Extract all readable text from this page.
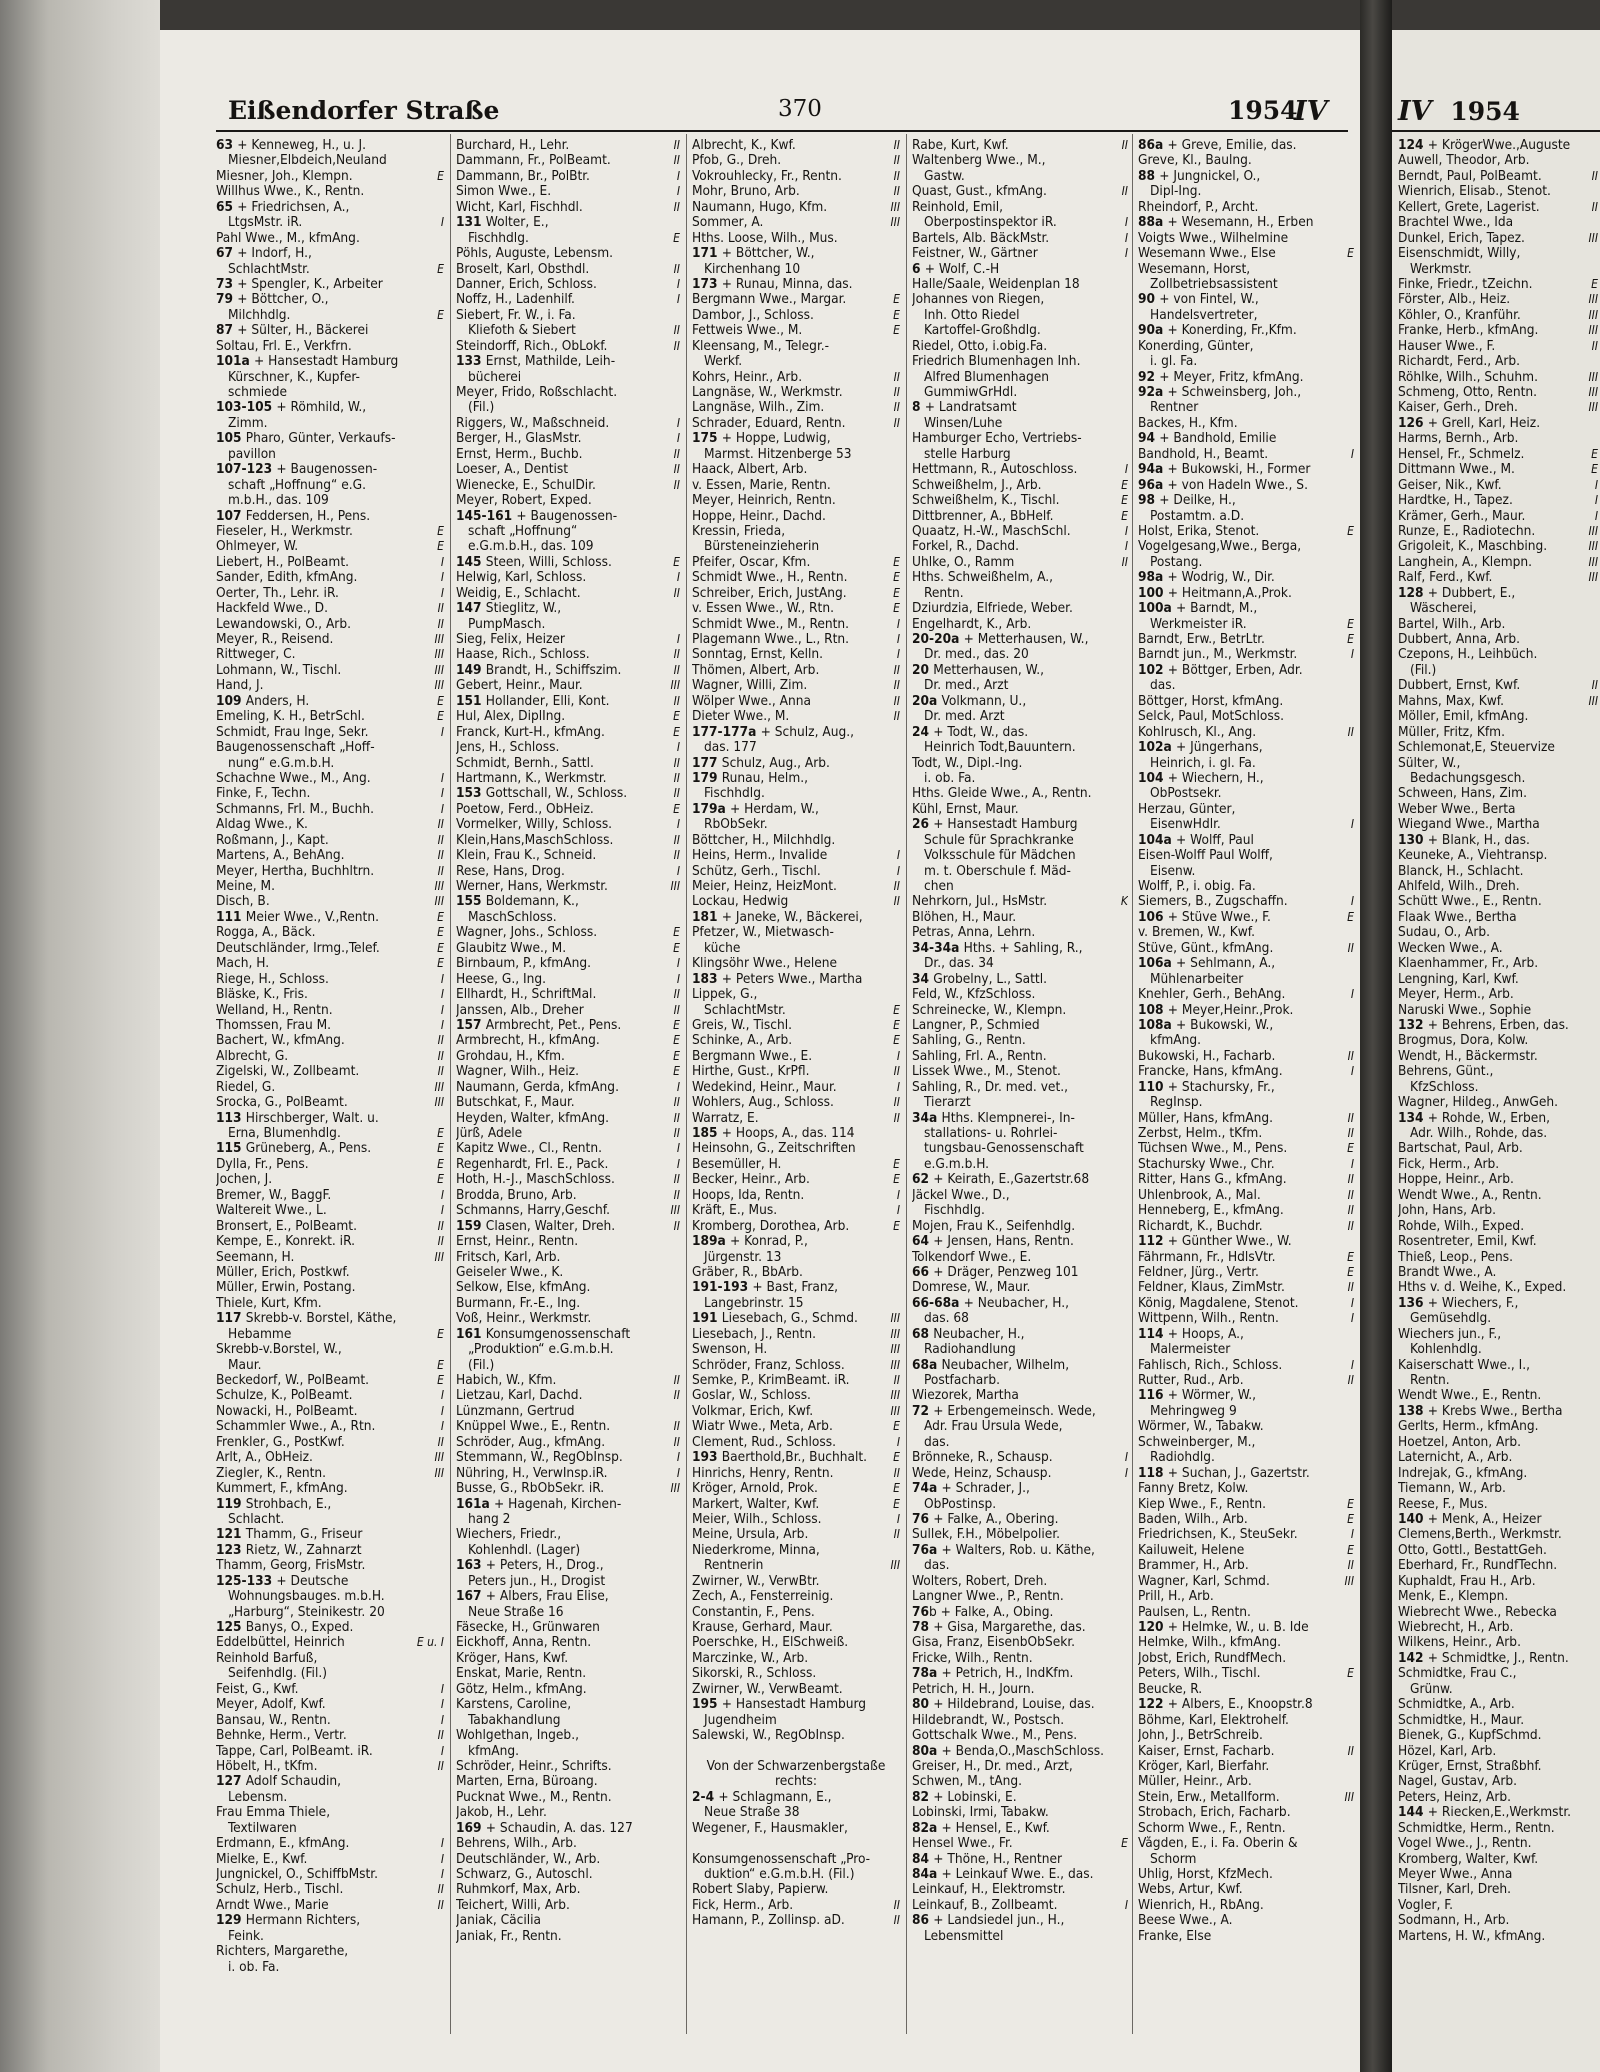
Eißendorfer Straße	370	1954
IV
63 + Kenneweg, H., u. J.
Miesner,Elbdeich,Neuland
Miesner, Joh., Klempn.	E
Willhus Wwe., K., Rentn.
65 + Friedrichsen, A.,
LtgsMstr. iR.	I
Pahl Wwe., M., kfmAng.
67 + Indorf, H.,
SchlachtMstr.	E
73 + Spengler, K., Arbeiter
79 + Böttcher, O.,
Milchhdlg.	E
87 + Sülter, H., Bäckerei
Soltau, Frl. E., Verkfrn.
101a + Hansestadt Hamburg
Kürschner, K., Kupfer-
schmiede
103-105 + Römhild, W.,
Zimm.
105 Pharo, Günter, Verkaufs-
pavillon
107-123 + Baugenossen-
schaft „Hoffnung“ e.G.
m.b.H., das. 109
107 Feddersen, H., Pens.
Fieseler, H., Werkmstr.	E
Ohlmeyer, W.	E
Liebert, H., PolBeamt.	I
Sander, Edith, kfmAng.	I
Oerter, Th., Lehr. iR.	I
Hackfeld Wwe., D.	II
Lewandowski, O., Arb.	II
Meyer, R., Reisend.	III
Rittweger, C.	III
Lohmann, W., Tischl.	III
Hand, J.	III
109 Anders, H.	E
Emeling, K. H., BetrSchl.	E
Schmidt, Frau Inge, Sekr.	I
Baugenossenschaft „Hoff-
nung“ e.G.m.b.H.
Schachne Wwe., M., Ang.	I
Finke, F., Techn.	I
Schmanns, Frl. M., Buchh.	I
Aldag Wwe., K.	II
Roßmann, J., Kapt.	II
Martens, A., BehAng.	II
Meyer, Hertha, Buchhltrn.	II
Meine, M.	III
Disch, B.	III
111 Meier Wwe., V.,Rentn.	E
Rogga, A., Bäck.	E
Deutschländer, Irmg.,Telef.	E
Mach, H.	E
Riege, H., Schloss.	I
Bläske, K., Fris.	I
Welland, H., Rentn.	I
Thomssen, Frau M.	I
Bachert, W., kfmAng.	II
Albrecht, G.	II
Zigelski, W., Zollbeamt.	II
Riedel, G.	III
Srocka, G., PolBeamt.	III
113 Hirschberger, Walt. u.
Erna, Blumenhdlg.	E
115 Grüneberg, A., Pens.	E
Dylla, Fr., Pens.	E
Jochen, J.	E
Bremer, W., BaggF.	I
Waltereit Wwe., L.	I
Bronsert, E., PolBeamt.	II
Kempe, E., Konrekt. iR.	II
Seemann, H.	III
Müller, Erich, Postkwf.
Müller, Erwin, Postang.
Thiele, Kurt, Kfm.
117 Skrebb-v. Borstel, Käthe,
Hebamme	E
Skrebb-v.Borstel, W.,
Maur.	E
Beckedorf, W., PolBeamt.	E
Schulze, K., PolBeamt.	I
Nowacki, H., PolBeamt.	I
Schammler Wwe., A., Rtn.	I
Frenkler, G., PostKwf.	II
Arlt, A., ObHeiz.	III
Ziegler, K., Rentn.	III
Kummert, F., kfmAng.
119 Strohbach, E.,
Schlacht.
121 Thamm, G., Friseur
123 Rietz, W., Zahnarzt
Thamm, Georg, FrisMstr.
125-133 + Deutsche
Wohnungsbauges. m.b.H.
„Harburg“, Steinikestr. 20
125 Banys, O., Exped.
Eddelbüttel, Heinrich	E u. I
Reinhold Barfuß,
Seifenhdlg. (Fil.)
Feist, G., Kwf.	I
Meyer, Adolf, Kwf.	I
Bansau, W., Rentn.	I
Behnke, Herm., Vertr.	II
Tappe, Carl, PolBeamt. iR.	I
Höbelt, H., tKfm.	II
127 Adolf Schaudin,
Lebensm.
Frau Emma Thiele,
Textilwaren
Erdmann, E., kfmAng.	I
Mielke, E., Kwf.	I
Jungnickel, O., SchiffbMstr.	I
Schulz, Herb., Tischl.	II
Arndt Wwe., Marie	II
129 Hermann Richters,
Feink.
Richters, Margarethe,
i. ob. Fa.
Burchard, H., Lehr.	II
Dammann, Fr., PolBeamt.	II
Dammann, Br., PolBtr.	I
Simon Wwe., E.	I
Wicht, Karl, Fischhdl.	II
131 Wolter, E.,
Fischhdlg.	E
Pöhls, Auguste, Lebensm.
Broselt, Karl, Obsthdl.	II
Danner, Erich, Schloss.	I
Noffz, H., Ladenhilf.	I
Siebert, Fr. W., i. Fa.
Kliefoth & Siebert	II
Steindorff, Rich., ObLokf.	II
133 Ernst, Mathilde, Leih-
bücherei
Meyer, Frido, Roßschlacht.
(Fil.)
Riggers, W., Maßschneid.	I
Berger, H., GlasMstr.	I
Ernst, Herm., Buchb.	II
Loeser, A., Dentist	II
Wienecke, E., SchulDir.	II
Meyer, Robert, Exped.
145-161 + Baugenossen-
schaft „Hoffnung“
e.G.m.b.H., das. 109
145 Steen, Willi, Schloss.	E
Helwig, Karl, Schloss.	I
Weidig, E., Schlacht.	II
147 Stieglitz, W.,
PumpMasch.
Sieg, Felix, Heizer	I
Haase, Rich., Schloss.	II
149 Brandt, H., Schiffszim.	II
Gebert, Heinr., Maur.	III
151 Hollander, Elli, Kont.	II
Hul, Alex, DiplIng.	E
Franck, Kurt-H., kfmAng.	E
Jens, H., Schloss.	I
Schmidt, Bernh., Sattl.	II
Hartmann, K., Werkmstr.	II
153 Gottschall, W., Schloss.	II
Poetow, Ferd., ObHeiz.	E
Vormelker, Willy, Schloss.	I
Klein,Hans,MaschSchloss.	II
Klein, Frau K., Schneid.	II
Rese, Hans, Drog.	I
Werner, Hans, Werkmstr.	III
155 Boldemann, K.,
MaschSchloss.
Wagner, Johs., Schloss.	E
Glaubitz Wwe., M.	E
Birnbaum, P., kfmAng.	I
Heese, G., Ing.	I
Ellhardt, H., SchriftMal.	II
Janssen, Alb., Dreher	II
157 Armbrecht, Pet., Pens.	E
Armbrecht, H., kfmAng.	E
Grohdau, H., Kfm.	E
Wagner, Wilh., Heiz.	E
Naumann, Gerda, kfmAng.	I
Butschkat, F., Maur.	II
Heyden, Walter, kfmAng.	II
Jürß, Adele	II
Kapitz Wwe., Cl., Rentn.	I
Regenhardt, Frl. E., Pack.	I
Hoth, H.-J., MaschSchloss.	II
Brodda, Bruno, Arb.	II
Schmanns, Harry,Geschf.	III
159 Clasen, Walter, Dreh.	II
Ernst, Heinr., Rentn.
Fritsch, Karl, Arb.
Geiseler Wwe., K.
Selkow, Else, kfmAng.
Burmann, Fr.-E., Ing.
Voß, Heinr., Werkmstr.
161 Konsumgenossenschaft
„Produktion“ e.G.m.b.H.
(Fil.)
Habich, W., Kfm.	II
Lietzau, Karl, Dachd.	II
Lünzmann, Gertrud
Knüppel Wwe., E., Rentn.	II
Schröder, Aug., kfmAng.	II
Stemmann, W., RegObInsp.	I
Nühring, H., VerwInsp.iR.	I
Busse, G., RbObSekr. iR.	III
161a + Hagenah, Kirchen-
hang 2
Wiechers, Friedr.,
Kohlenhdl. (Lager)
163 + Peters, H., Drog.,
Peters jun., H., Drogist
167 + Albers, Frau Elise,
Neue Straße 16
Fäsecke, H., Grünwaren
Eickhoff, Anna, Rentn.
Kröger, Hans, Kwf.
Enskat, Marie, Rentn.
Götz, Helm., kfmAng.
Karstens, Caroline,
Tabakhandlung
Wohlgethan, Ingeb.,
kfmAng.
Schröder, Heinr., Schrifts.
Marten, Erna, Büroang.
Pucknat Wwe., M., Rentn.
Jakob, H., Lehr.
169 + Schaudin, A. das. 127
Behrens, Wilh., Arb.
Deutschländer, W., Arb.
Schwarz, G., Autoschl.
Ruhmkorf, Max, Arb.
Teichert, Willi, Arb.
Janiak, Cäcilia
Janiak, Fr., Rentn.
Albrecht, K., Kwf.	II
Pfob, G., Dreh.	II
Vokrouhlecky, Fr., Rentn.	II
Mohr, Bruno, Arb.	II
Naumann, Hugo, Kfm.	III
Sommer, A.	III
Hths. Loose, Wilh., Mus.
171 + Böttcher, W.,
Kirchenhang 10
173 + Runau, Minna, das.
Bergmann Wwe., Margar.	E
Dambor, J., Schloss.	E
Fettweis Wwe., M.	E
Kleensang, M., Telegr.-
Werkf.
Kohrs, Heinr., Arb.	II
Langnäse, W., Werkmstr.	II
Langnäse, Wilh., Zim.	II
Schrader, Eduard, Rentn.	II
175 + Hoppe, Ludwig,
Marmst. Hitzenberge 53
Haack, Albert, Arb.
v. Essen, Marie, Rentn.
Meyer, Heinrich, Rentn.
Hoppe, Heinr., Dachd.
Kressin, Frieda,
Bürsteneinzieherin
Pfeifer, Oscar, Kfm.	E
Schmidt Wwe., H., Rentn.	E
Schreiber, Erich, JustAng.	E
v. Essen Wwe., W., Rtn.	E
Schmidt Wwe., M., Rentn.	I
Plagemann Wwe., L., Rtn.	I
Sonntag, Ernst, Kelln.	I
Thömen, Albert, Arb.	II
Wagner, Willi, Zim.	II
Wölper Wwe., Anna	II
Dieter Wwe., M.	II
177-177a + Schulz, Aug.,
das. 177
177 Schulz, Aug., Arb.
179 Runau, Helm.,
Fischhdlg.
179a + Herdam, W.,
RbObSekr.
Böttcher, H., Milchhdlg.
Heins, Herm., Invalide	I
Schütz, Gerh., Tischl.	I
Meier, Heinz, HeizMont.	II
Lockau, Hedwig	II
181 + Janeke, W., Bäckerei,
Pfetzer, W., Mietwasch-
küche
Klingsöhr Wwe., Helene
183 + Peters Wwe., Martha
Lippek, G.,
SchlachtMstr.	E
Greis, W., Tischl.	E
Schinke, A., Arb.	E
Bergmann Wwe., E.	I
Hirthe, Gust., KrPfl.	II
Wedekind, Heinr., Maur.	I
Wohlers, Aug., Schloss.	II
Warratz, E.	II
185 + Hoops, A., das. 114
Heinsohn, G., Zeitschriften
Besemüller, H.	E
Becker, Heinr., Arb.	E
Hoops, Ida, Rentn.	I
Kräft, E., Mus.	I
Kromberg, Dorothea, Arb.	E
189a + Konrad, P.,
Jürgenstr. 13
Gräber, R., BbArb.
191-193 + Bast, Franz,
Langebrinstr. 15
191 Liesebach, G., Schmd.	III
Liesebach, J., Rentn.	III
Swenson, H.	III
Schröder, Franz, Schloss.	III
Semke, P., KrimBeamt. iR.	II
Goslar, W., Schloss.	III
Volkmar, Erich, Kwf.	III
Wiatr Wwe., Meta, Arb.	E
Clement, Rud., Schloss.	I
193 Baerthold,Br., Buchhalt. E
Hinrichs, Henry, Rentn.	II
Kröger, Arnold, Prok.	E
Markert, Walter, Kwf.	E
Meier, Wilh., Schloss.	I
Meine, Ursula, Arb.	II
Niederkrome, Minna,
Rentnerin	III
Zwirner, W., VerwBtr.
Zech, A., Fensterreinig.
Constantin, F., Pens.
Krause, Gerhard, Maur.
Poerschke, H., ElSchweiß.
Marczinke, W., Arb.
Sikorski, R., Schloss.
Zwirner, W., VerwBeamt.
195 + Hansestadt Hamburg
Jugendheim
Salewski, W., RegObInsp.
Von der Schwarzenbergstaße
rechts:
2-4 + Schlagmann, E.,
Neue Straße 38
Wegener, F., Hausmakler,
Konsumgenossenschaft „Pro-
duktion“ e.G.m.b.H. (Fil.)
Robert Slaby, Papierw.
Fick, Herm., Arb.	II
Hamann, P., Zollinsp. aD.	II
Rabe, Kurt, Kwf.	II
Waltenberg Wwe., M.,
Gastw.
Quast, Gust., kfmAng.	II
Reinhold, Emil,
Oberpostinspektor iR.	I
Bartels, Alb. BäckMstr.	I
Feistner, W., Gärtner	I
6 + Wolf, C.-H
Halle/Saale, Weidenplan 18
Johannes von Riegen,
Inh. Otto Riedel
Kartoffel-Großhdlg.
Riedel, Otto, i.obig.Fa.
Friedrich Blumenhagen Inh.
Alfred Blumenhagen
GummiwGrHdl.
8 + Landratsamt
Winsen/Luhe
Hamburger Echo, Vertriebs-
stelle Harburg
Hettmann, R., Autoschloss.	I
Schweißhelm, J., Arb.	E
Schweißhelm, K., Tischl.	E
Dittbrenner, A., BbHelf.	E
Quaatz, H.-W., MaschSchl.	I
Forkel, R., Dachd.	I
Uhlke, O., Ramm	II
Hths. Schweißhelm, A.,
Rentn.
Dziurdzia, Elfriede, Weber.
Engelhardt, K., Arb.
20-20a + Metterhausen, W.,
Dr. med., das. 20
20 Metterhausen, W.,
Dr. med., Arzt
20a Volkmann, U.,
Dr. med. Arzt
24 + Todt, W., das.
Heinrich Todt,Bauuntern.
Todt, W., Dipl.-Ing.
i. ob. Fa.
Hths. Gleide Wwe., A., Rentn.
Kühl, Ernst, Maur.
26 + Hansestadt Hamburg
Schule für Sprachkranke
Volksschule für Mädchen
m. t. Oberschule f. Mäd-
chen
Nehrkorn, Jul., HsMstr.	K
Blöhen, H., Maur.
Petras, Anna, Lehrn.
34-34a Hths. + Sahling, R.,
Dr., das. 34
34 Grobelny, L., Sattl.
Feld, W., KfzSchloss.
Schreinecke, W., Klempn.
Langner, P., Schmied
Sahling, G., Rentn.
Sahling, Frl. A., Rentn.
Lissek Wwe., M., Stenot.
Sahling, R., Dr. med. vet.,
Tierarzt
34a Hths. Klempnerei-, In-
stallations- u. Rohrlei-
tungsbau-Genossenschaft
e.G.m.b.H.
62 + Keirath, E.,Gazertstr.68
Jäckel Wwe., D.,
Fischhdlg.
Mojen, Frau K., Seifenhdlg.
64 + Jensen, Hans, Rentn.
Tolkendorf Wwe., E.
66 + Dräger, Penzweg 101
Domrese, W., Maur.
66-68a + Neubacher, H.,
das. 68
68 Neubacher, H.,
Radiohandlung
68a Neubacher, Wilhelm,
Postfacharb.
Wiezorek, Martha
72 + Erbengemeinsch. Wede,
Adr. Frau Ursula Wede,
das.
Brönneke, R., Schausp.	I
Wede, Heinz, Schausp.	I
74a + Schrader, J.,
ObPostinsp.
76 + Falke, A., Obering.
Sullek, F.H., Möbelpolier.
76a + Walters, Rob. u. Käthe,
das.
Wolters, Robert, Dreh.
Langner Wwe., P., Rentn.
76b + Falke, A., Obing.
78 + Gisa, Margarethe, das.
Gisa, Franz, EisenbObSekr.
Fricke, Wilh., Rentn.
78a + Petrich, H., IndKfm.
Petrich, H. H., Journ.
80 + Hildebrand, Louise, das.
Hildebrandt, W., Postsch.
Gottschalk Wwe., M., Pens.
80a + Benda,O.,MaschSchloss.
Greiser, H., Dr. med., Arzt,
Schwen, M., tAng.
82 + Lobinski, E.
Lobinski, Irmi, Tabakw.
82a + Hensel, E., Kwf.
Hensel Wwe., Fr.	E
84 + Thöne, H., Rentner
84a + Leinkauf Wwe. E., das.
Leinkauf, H., Elektromstr.
Leinkauf, B., Zollbeamt.	I
86 + Landsiedel jun., H.,
Lebensmittel
86a + Greve, Emilie, das.
Greve, Kl., Baulng.
88 + Jungnickel, O.,
Dipl-Ing.
Rheindorf, P., Archt.
88a + Wesemann, H., Erben
Voigts Wwe., Wilhelmine
Wesemann Wwe., Else	E
Wesemann, Horst,
Zollbetriebsassistent
90 + von Fintel, W.,
Handelsvertreter,
90a + Konerding, Fr.,Kfm.
Konerding, Günter,
i. gl. Fa.
92 + Meyer, Fritz, kfmAng.
92a + Schweinsberg, Joh.,
Rentner
Backes, H., Kfm.
94 + Bandhold, Emilie
Bandhold, H., Beamt.	I
94a + Bukowski, H., Former
96a + von Hadeln Wwe., S.
98 + Deilke, H.,
Postamtm. a.D.
Holst, Erika, Stenot.	E
Vogelgesang,Wwe., Berga,
Postang.
98a + Wodrig, W., Dir.
100 + Heitmann,A.,Prok.
100a + Barndt, M.,
Werkmeister iR.	E
Barndt, Erw., BetrLtr.	E
Barndt jun., M., Werkmstr.	I
102 + Böttger, Erben, Adr.
das.
Böttger, Horst, kfmAng.
Selck, Paul, MotSchloss.
Kohlrusch, Kl., Ang.	II
102a + Jüngerhans,
Heinrich, i. gl. Fa.
104 + Wiechern, H.,
ObPostsekr.
Herzau, Günter,
EisenwHdlr.	I
104a + Wolff, Paul
Eisen-Wolff Paul Wolff,
Eisenw.
Wolff, P., i. obig. Fa.
Siemers, B., Zugschaffn.	I
106 + Stüve Wwe., F.	E
v. Bremen, W., Kwf.
Stüve, Günt., kfmAng.	II
106a + Sehlmann, A.,
Mühlenarbeiter
Knehler, Gerh., BehAng.	I
108 + Meyer,Heinr.,Prok.
108a + Bukowski, W.,
kfmAng.
Bukowski, H., Facharb.	II
Francke, Hans, kfmAng.	I
110 + Stachursky, Fr.,
RegInsp.
Müller, Hans, kfmAng.	II
Zerbst, Helm., tKfm.	II
Tüchsen Wwe., M., Pens.	E
Stachursky Wwe., Chr.	I
Ritter, Hans G., kfmAng.	II
Uhlenbrook, A., Mal.	II
Henneberg, E., kfmAng.	II
Richardt, K., Buchdr.	II
112 + Günther Wwe., W.
Fährmann, Fr., HdlsVtr.	E
Feldner, Jürg., Vertr.	E
Feldner, Klaus, ZimMstr.	II
König, Magdalene, Stenot.	I
Wittpenn, Wilh., Rentn.	I
114 + Hoops, A.,
Malermeister
Fahlisch, Rich., Schloss.	I
Rutter, Rud., Arb.	II
116 + Wörmer, W.,
Mehringweg 9
Wörmer, W., Tabakw.
Schweinberger, M.,
Radiohdlg.
118 + Suchan, J., Gazertstr.
Fanny Bretz, Kolw.
Kiep Wwe., F., Rentn.	E
Baden, Wilh., Arb.	E
Friedrichsen, K., SteuSekr.	I
Kailuweit, Helene	E
Brammer, H., Arb.	II
Wagner, Karl, Schmd.	III
Prill, H., Arb.
Paulsen, L., Rentn.
120 + Helmke, W., u. B. Ide
Helmke, Wilh., kfmAng.
Jobst, Erich, RundfMech.
Peters, Wilh., Tischl.	E
Beucke, R.
122 + Albers, E., Knoopstr.8
Böhme, Karl, Elektrohelf.
John, J., BetrSchreib.
Kaiser, Ernst, Facharb.	II
Kröger, Karl, Bierfahr.
Müller, Heinr., Arb.
Stein, Erw., Metallform.	III
Strobach, Erich, Facharb.
Schorm Wwe., F., Rentn.
Vågden, E., i. Fa. Oberin &
Schorm
Uhlig, Horst, KfzMech.
Webs, Artur, Kwf.
Wienrich, H., RbAng.
Beese Wwe., A.
Franke, Else
IV 1954
124 + KrögerWwe.,Auguste
Auwell, Theodor, Arb.
Berndt, Paul, PolBeamt.	II
Wienrich, Elisab., Stenot.
Kellert, Grete, Lagerist.	II
Brachtel Wwe., Ida
Dunkel, Erich, Tapez.	III
Eisenschmidt, Willy,
Werkmstr.
Finke, Friedr., tZeichn.	E
Förster, Alb., Heiz.	III
Köhler, O., Kranführ.	III
Franke, Herb., kfmAng.	III
Hauser Wwe., F.	II
Richardt, Ferd., Arb.
Röhlke, Wilh., Schuhm.	III
Schmeng, Otto, Rentn.	III
Kaiser, Gerh., Dreh.	III
126 + Grell, Karl, Heiz.
Harms, Bernh., Arb.
Hensel, Fr., Schmelz.	E
Dittmann Wwe., M.	E
Geiser, Nik., Kwf.	I
Hardtke, H., Tapez.	I
Krämer, Gerh., Maur.	I
Runze, E., Radiotechn.	III
Grigoleit, K., Maschbing.	III
Langhein, A., Klempn.	III
Ralf, Ferd., Kwf.	III
128 + Dubbert, E.,
Wäscherei,
Bartel, Wilh., Arb.
Dubbert, Anna, Arb.
Czepons, H., Leihbüch.
(Fil.)
Dubbert, Ernst, Kwf.	II
Mahns, Max, Kwf.	III
Möller, Emil, kfmAng.
Müller, Fritz, Kfm.
Schlemonat,E, Steuervize
Sülter, W.,
Bedachungsgesch.
Schween, Hans, Zim.
Weber Wwe., Berta
Wiegand Wwe., Martha
130 + Blank, H., das.
Keuneke, A., Viehtransp.
Blanck, H., Schlacht.
Ahlfeld, Wilh., Dreh.
Schütt Wwe., E., Rentn.
Flaak Wwe., Bertha
Sudau, O., Arb.
Wecken Wwe., A.
Klaenhammer, Fr., Arb.
Lengning, Karl, Kwf.
Meyer, Herm., Arb.
Naruski Wwe., Sophie
132 + Behrens, Erben, das.
Brogmus, Dora, Kolw.
Wendt, H., Bäckermstr.
Behrens, Günt.,
KfzSchloss.
Wagner, Hildeg., AnwGeh.
134 + Rohde, W., Erben,
Adr. Wilh., Rohde, das.
Bartschat, Paul, Arb.
Fick, Herm., Arb.
Hoppe, Heinr., Arb.
Wendt Wwe., A., Rentn.
John, Hans, Arb.
Rohde, Wilh., Exped.
Rosentreter, Emil, Kwf.
Thieß, Leop., Pens.
Brandt Wwe., A.
Hths v. d. Weihe, K., Exped.
136 + Wiechers, F.,
Gemüsehdlg.
Wiechers jun., F.,
Kohlenhdlg.
Kaiserschatt Wwe., I.,
Rentn.
Wendt Wwe., E., Rentn.
138 + Krebs Wwe., Bertha
Gerlts, Herm., kfmAng.
Hoetzel, Anton, Arb.
Laternicht, A., Arb.
Indrejak, G., kfmAng.
Tiemann, W., Arb.
Reese, F., Mus.
140 + Menk, A., Heizer
Clemens,Berth., Werkmstr.
Otto, Gottl., BestattGeh.
Eberhard, Fr., RundfTechn.
Kuphaldt, Frau H., Arb.
Menk, E., Klempn.
Wiebrecht Wwe., Rebecka
Wiebrecht, H., Arb.
Wilkens, Heinr., Arb.
142 + Schmidtke, J., Rentn.
Schmidtke, Frau C.,
Grünw.
Schmidtke, A., Arb.
Schmidtke, H., Maur.
Bienek, G., KupfSchmd.
Hözel, Karl, Arb.
Krüger, Ernst, Straßbhf.
Nagel, Gustav, Arb.
Peters, Heinz, Arb.
144 + Riecken,E.,Werkmstr.
Schmidtke, Herm., Rentn.
Vogel Wwe., J., Rentn.
Kromberg, Walter, Kwf.
Meyer Wwe., Anna
Tilsner, Karl, Dreh.
Vogler, F.
Sodmann, H., Arb.
Martens, H. W., kfmAng.
